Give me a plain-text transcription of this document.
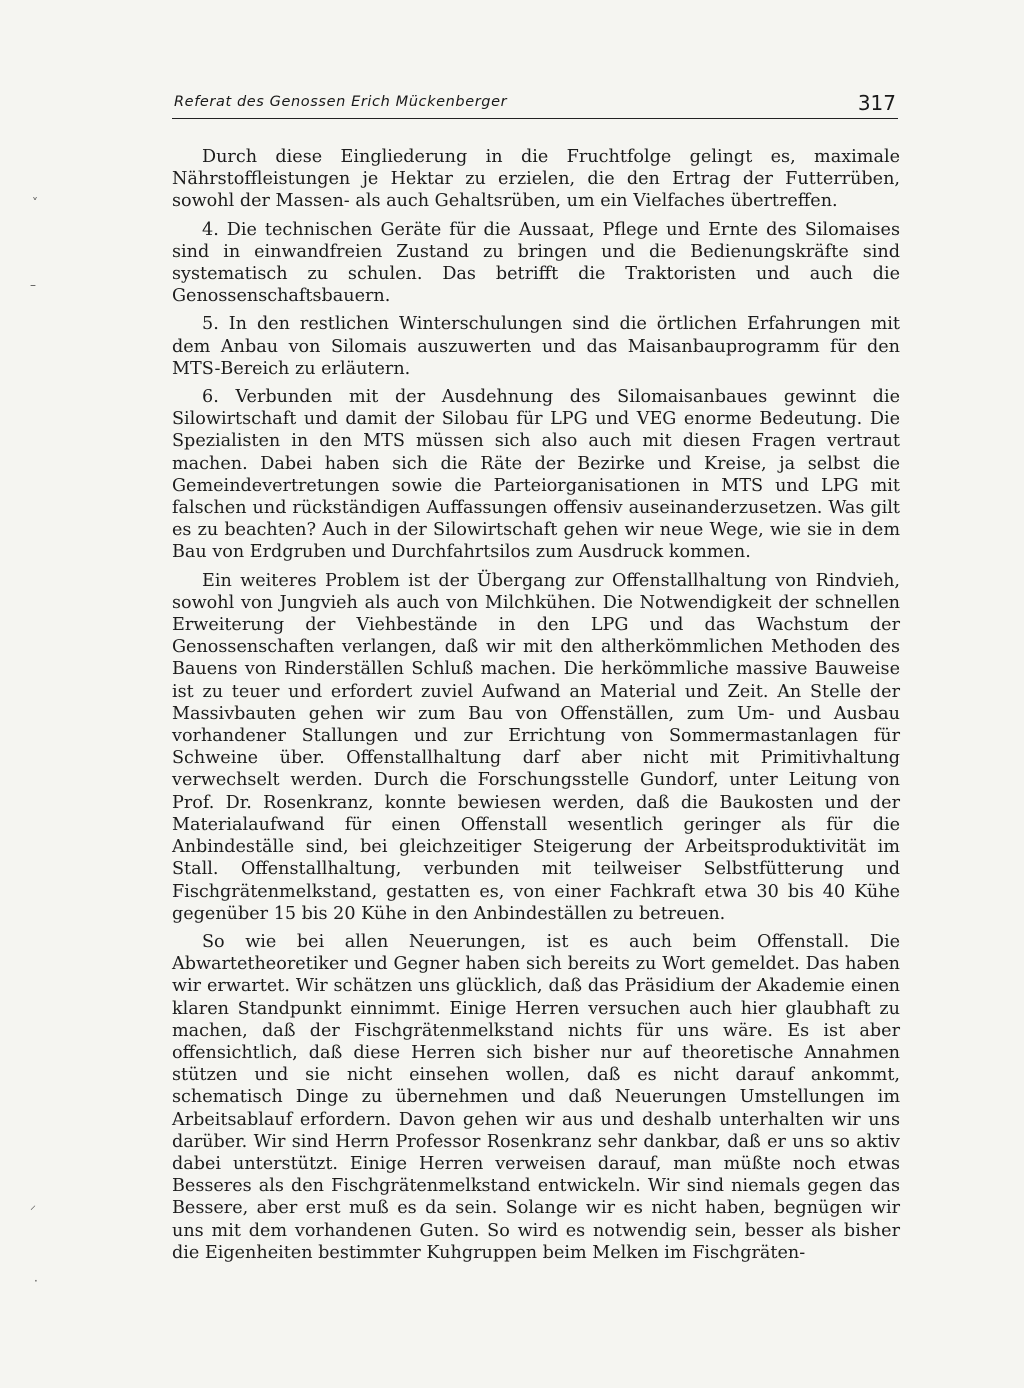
Referat des Genossen Erich Mückenberger	317

Durch diese Eingliederung in die Fruchtfolge gelingt es, maximale Nährstoffleistungen je Hektar zu erzielen, die den Ertrag der Futterrüben, sowohl der Massen- als auch Gehaltsrüben, um ein Vielfaches übertreffen.

4. Die technischen Geräte für die Aussaat, Pflege und Ernte des Silomaises sind in einwandfreien Zustand zu bringen und die Bedienungskräfte sind systematisch zu schulen. Das betrifft die Traktoristen und auch die Genossenschaftsbauern.

5. In den restlichen Winterschulungen sind die örtlichen Erfahrungen mit dem Anbau von Silomais auszuwerten und das Maisanbauprogramm für den MTS-Bereich zu erläutern.

6. Verbunden mit der Ausdehnung des Silomaisanbaues gewinnt die Silowirtschaft und damit der Silobau für LPG und VEG enorme Bedeutung. Die Spezialisten in den MTS müssen sich also auch mit diesen Fragen vertraut machen. Dabei haben sich die Räte der Bezirke und Kreise, ja selbst die Gemeindevertretungen sowie die Parteiorganisationen in MTS und LPG mit falschen und rückständigen Auffassungen offensiv auseinanderzusetzen. Was gilt es zu beachten? Auch in der Silowirtschaft gehen wir neue Wege, wie sie in dem Bau von Erdgruben und Durchfahrtsilos zum Ausdruck kommen.

Ein weiteres Problem ist der Übergang zur Offenstallhaltung von Rindvieh, sowohl von Jungvieh als auch von Milchkühen. Die Notwendigkeit der schnellen Erweiterung der Viehbestände in den LPG und das Wachstum der Genossenschaften verlangen, daß wir mit den altherkömmlichen Methoden des Bauens von Rinderställen Schluß machen. Die herkömmliche massive Bauweise ist zu teuer und erfordert zuviel Aufwand an Material und Zeit. An Stelle der Massivbauten gehen wir zum Bau von Offenställen, zum Um- und Ausbau vorhandener Stallungen und zur Errichtung von Sommermastanlagen für Schweine über. Offenstallhaltung darf aber nicht mit Primitivhaltung verwechselt werden. Durch die Forschungsstelle Gundorf, unter Leitung von Prof. Dr. Rosenkranz, konnte bewiesen werden, daß die Baukosten und der Materialaufwand für einen Offenstall wesentlich geringer als für die Anbindeställe sind, bei gleichzeitiger Steigerung der Arbeitsproduktivität im Stall. Offenstallhaltung, verbunden mit teilweiser Selbstfütterung und Fischgrätenmelkstand, gestatten es, von einer Fachkraft etwa 30 bis 40 Kühe gegenüber 15 bis 20 Kühe in den Anbindeställen zu betreuen.

So wie bei allen Neuerungen, ist es auch beim Offenstall. Die Abwartetheoretiker und Gegner haben sich bereits zu Wort gemeldet. Das haben wir erwartet. Wir schätzen uns glücklich, daß das Präsidium der Akademie einen klaren Standpunkt einnimmt. Einige Herren versuchen auch hier glaubhaft zu machen, daß der Fischgrätenmelkstand nichts für uns wäre. Es ist aber offensichtlich, daß diese Herren sich bisher nur auf theoretische Annahmen stützen und sie nicht einsehen wollen, daß es nicht darauf ankommt, schematisch Dinge zu übernehmen und daß Neuerungen Umstellungen im Arbeitsablauf erfordern. Davon gehen wir aus und deshalb unterhalten wir uns darüber. Wir sind Herrn Professor Rosenkranz sehr dankbar, daß er uns so aktiv dabei unterstützt. Einige Herren verweisen darauf, man müßte noch etwas Besseres als den Fischgrätenmelkstand entwickeln. Wir sind niemals gegen das Bessere, aber erst muß es da sein. Solange wir es nicht haben, begnügen wir uns mit dem vorhandenen Guten. So wird es notwendig sein, besser als bisher die Eigenheiten bestimmter Kuhgruppen beim Melken im Fischgräten-

˅
–
⸝
·
